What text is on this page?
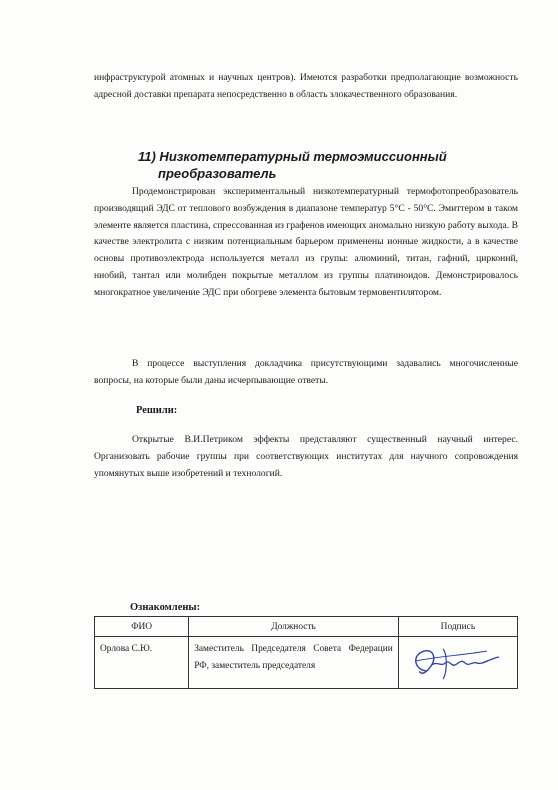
инфраструктурой атомных и научных центров). Имеются разработки предполагающие возможность адресной доставки препарата непосредственно в область злокачественного образования.

11) Низкотемпературный термоэмиссионный
преобразователь

Продемонстрирован экспериментальный низкотемпературный термофотопреобразователь производящий ЭДС от теплового возбуждения в диапазоне температур 5°С - 50°С. Эмиттером в таком элементе является пластина, спрессованная из графенов имеющих аномально низкую работу выхода. В качестве электролита с низким потенциальным барьером применены ионные жидкости, а в качестве основы противоэлектрода используется металл из групы: алюминий, титан, гафний, цирконий, ниобий, тантал или молибден покрытые металлом из группы платиноидов. Демонстрировалось многократное увеличение ЭДС при обогреве элемента бытовым термовентилятором.

В процессе выступления докладчика присутствующими задавались многочисленные вопросы, на которые были даны исчерпывающие ответы.

Решили:

Открытые В.И.Петриком эффекты представляют существенный научный интерес. Организовать рабочие группы при соответствующих институтах для научного сопровождения упомянутых выше изобретений и технологий.

Ознакомлены:

ФИО	Должность	Подпись
Орлова С.Ю.	Заместитель Председателя Совета Федерации РФ, заместитель председателя	
